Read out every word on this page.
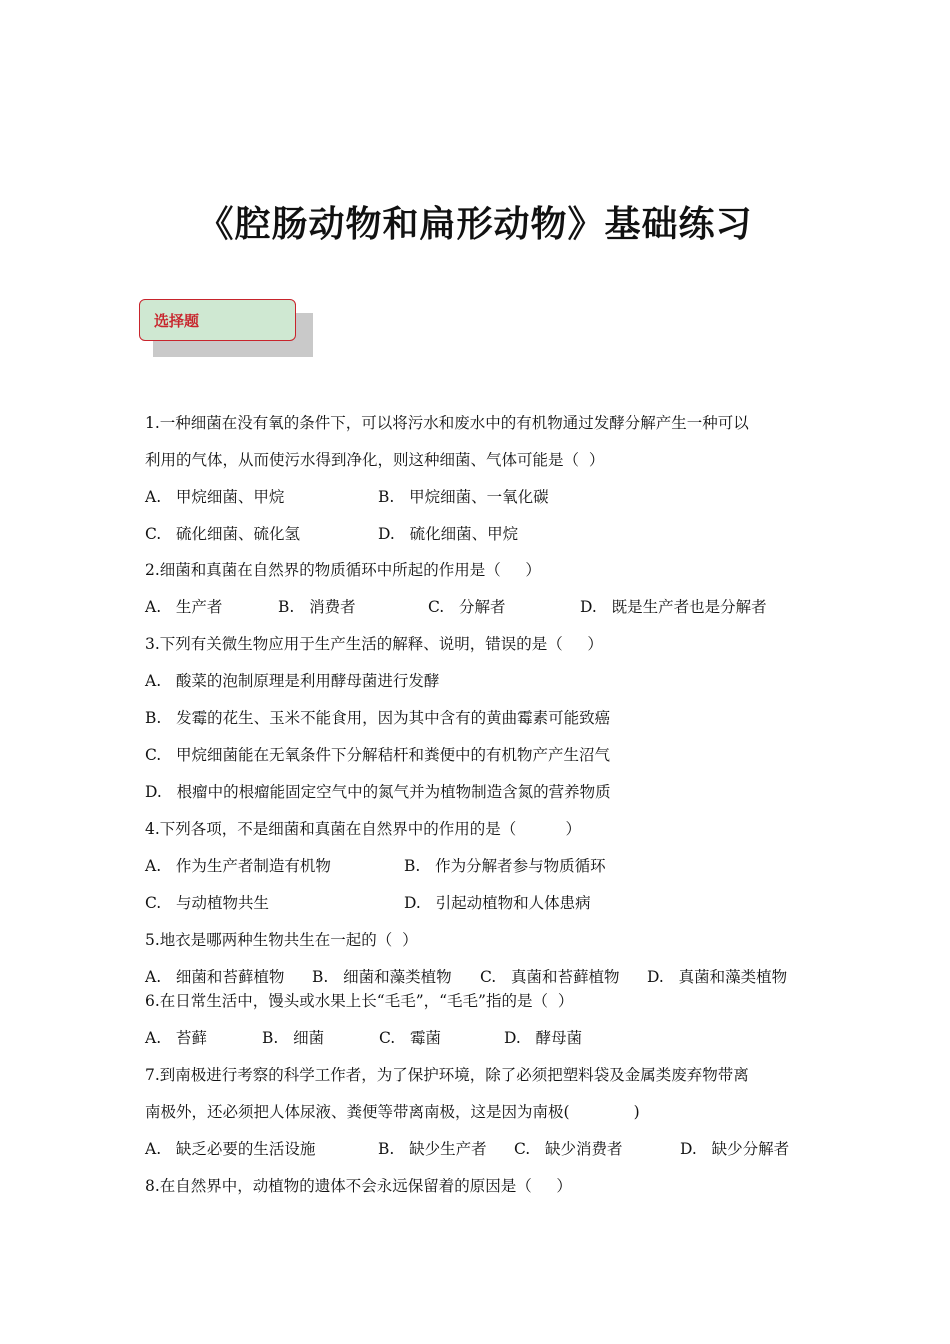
《腔肠动物和扁形动物》基础练习
选择题
1.一种细菌在没有氧的条件下，可以将污水和废水中的有机物通过发酵分解产生一种可以
利用的气体，从而使污水得到净化，则这种细菌、气体可能是（  ）
A.   甲烷细菌、甲烷	B.   甲烷细菌、一氧化碳
C.   硫化细菌、硫化氢	D.   硫化细菌、甲烷
2.细菌和真菌在自然界的物质循环中所起的作用是（     ）
A.   生产者	B.   消费者	C.   分解者	D.   既是生产者也是分解者
3.下列有关微生物应用于生产生活的解释、说明，错误的是（     ）
A.   酸菜的泡制原理是利用酵母菌进行发酵
B.   发霉的花生、玉米不能食用，因为其中含有的黄曲霉素可能致癌
C.   甲烷细菌能在无氧条件下分解秸杆和粪便中的有机物产产生沼气
D.   根瘤中的根瘤能固定空气中的氮气并为植物制造含氮的营养物质
4.下列各项，不是细菌和真菌在自然界中的作用的是（          ）
A.   作为生产者制造有机物	B.   作为分解者参与物质循环
C.   与动植物共生	D.   引起动植物和人体患病
5.地衣是哪两种生物共生在一起的（  ）
A.   细菌和苔藓植物 B.   细菌和藻类植物 C.   真菌和苔藓植物 D.   真菌和藻类植物
6.在日常生活中，馒头或水果上长“毛毛”，“毛毛”指的是（  ）
A.   苔藓	B.   细菌	C.   霉菌	D.   酵母菌
7.到南极进行考察的科学工作者，为了保护环境，除了必须把塑料袋及金属类废弃物带离
南极外，还必须把人体尿液、粪便等带离南极，这是因为南极(             )
A.   缺乏必要的生活设施	B.   缺少生产者 C.   缺少消费者	D.   缺少分解者
8.在自然界中，动植物的遗体不会永远保留着的原因是（     ）
